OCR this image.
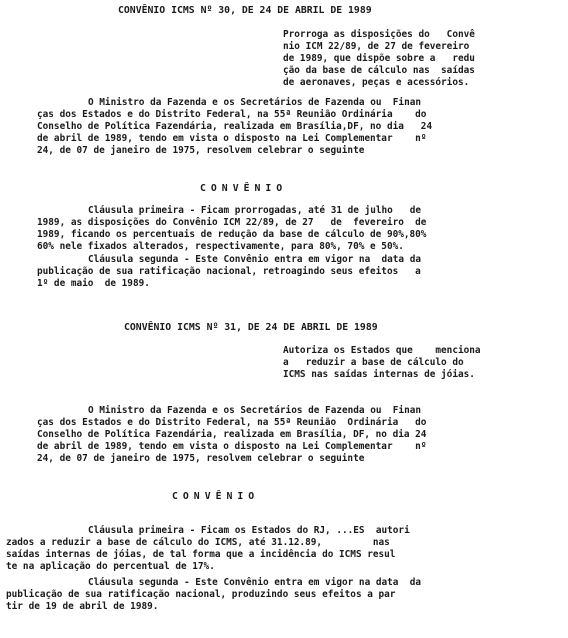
CONVÊNIO ICMS Nº 30, DE 24 DE ABRIL DE 1989
Prorroga as disposições do   Convê
nio ICM 22/89, de 27 de fevereiro
de 1989, que dispõe sobre a   redu
ção da base de cálculo nas  saídas
de aeronaves, peças e acessórios.
O Ministro da Fazenda e os Secretários de Fazenda ou  Finan
ças dos Estados e do Distrito Federal, na 55ª Reunião Ordinária    do
Conselho de Política Fazendária, realizada em Brasília,DF, no dia   24
de abril de 1989, tendo em vista o disposto na Lei Complementar    nº
24, de 07 de janeiro de 1975, resolvem celebrar o seguinte
CONVÊNIO
Cláusula primeira - Ficam prorrogadas, até 31 de julho   de
1989, as disposições do Convênio ICM 22/89, de 27   de  fevereiro  de
1989, ficando os percentuais de redução da base de cálculo de 90%,80%
60% nele fixados alterados, respectivamente, para 80%, 70% e 50%.
Cláusula segunda - Este Convênio entra em vigor na  data da
publicação de sua ratificação nacional, retroagindo seus efeitos   a
1º de maio  de 1989.
CONVÊNIO ICMS Nº 31, DE 24 DE ABRIL DE 1989
Autoriza os Estados que    menciona
a   reduzir a base de cálculo do
ICMS nas saídas internas de jóias.
O Ministro da Fazenda e os Secretários de Fazenda ou  Finan
ças dos Estados e do Distrito Federal, na 55ª Reunião  Ordinária   do
Conselho de Política Fazendária, realizada em Brasília, DF, no dia 24
de abril de 1989, tendo em vista o disposto na Lei Complementar    nº
24, de 07 de janeiro de 1975, resolvem celebrar o seguinte
CONVÊNIO
Cláusula primeira - Ficam os Estados do RJ, ...ES  autori
zados a reduzir a base de cálculo do ICMS, até 31.12.89,         nas
saídas internas de jóias, de tal forma que a incidência do ICMS resul
te na aplicação do percentual de 17%.
Cláusula segunda - Este Convênio entra em vigor na data  da
publicação de sua ratificação nacional, produzindo seus efeitos a par
tir de 19 de abril de 1989.
